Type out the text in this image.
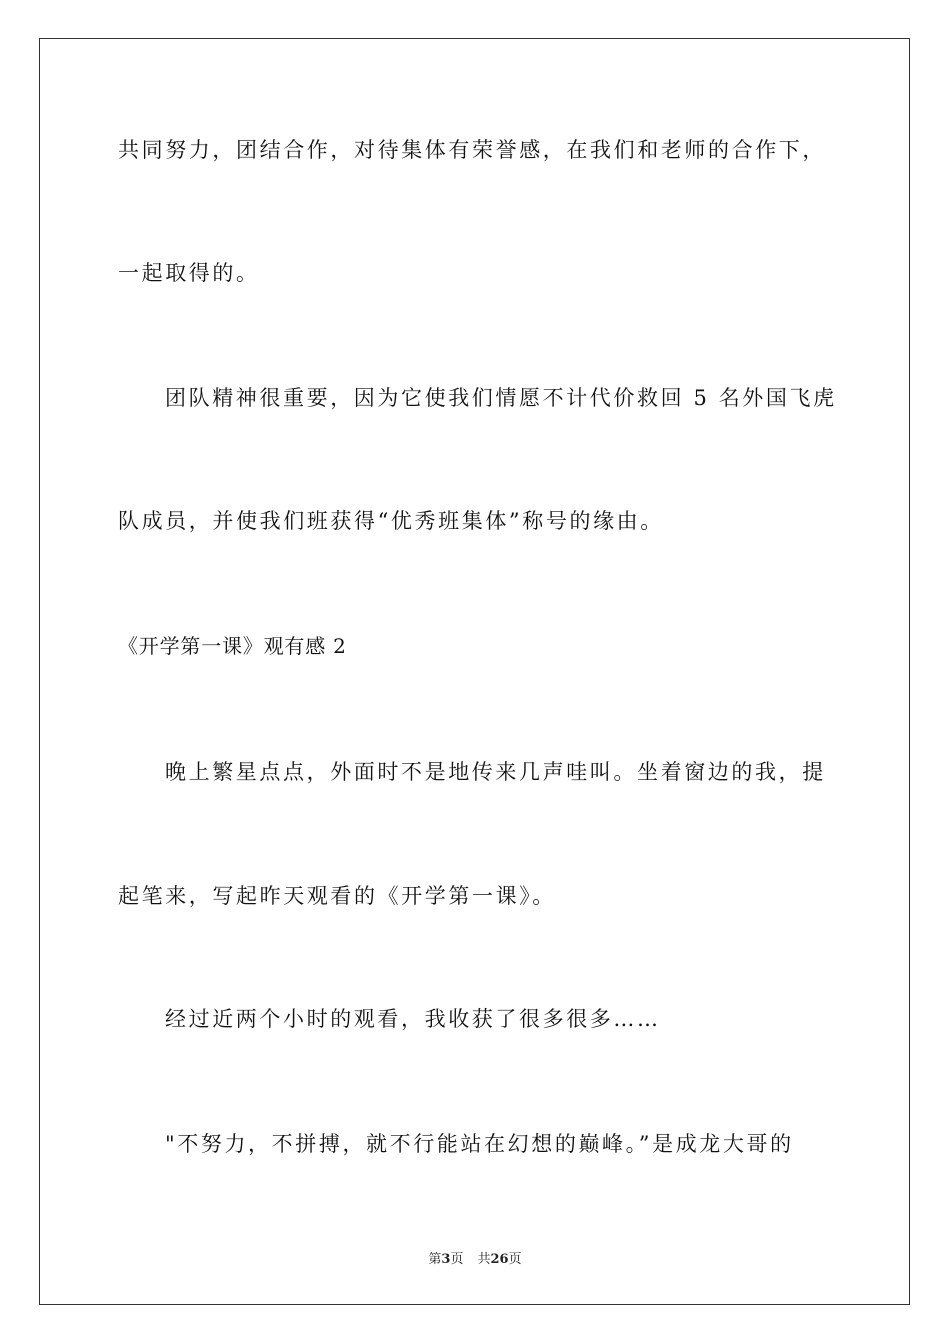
共同努力，团结合作，对待集体有荣誉感，在我们和老师的合作下，
一起取得的。
团队精神很重要，因为它使我们情愿不计代价救回 5 名外国飞虎
队成员，并使我们班获得“优秀班集体”称号的缘由。
《开学第一课》观有感 2
晚上繁星点点，外面时不是地传来几声哇叫。坐着窗边的我，提
起笔来，写起昨天观看的《开学第一课》。
经过近两个小时的观看，我收获了很多很多……
"不努力，不拼搏，就不行能站在幻想的巅峰。”是成龙大哥的
第3页 共26页
